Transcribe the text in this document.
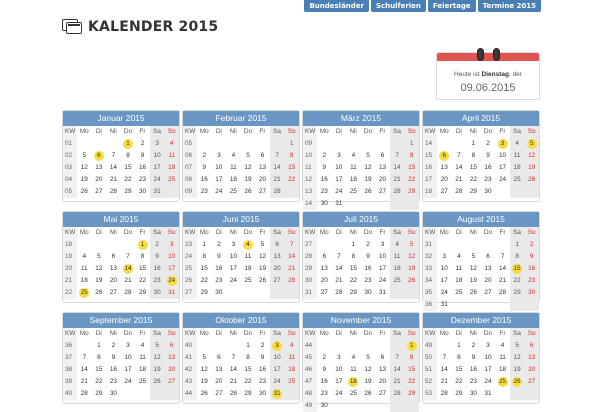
Bundesländer	Schulferien	Feiertage	Termine 2015
KALENDER 2015
Heute ist Dienstag, der
09.06.2015
Januar 2015
KW	Mo	Di	Mi	Do	Fr	Sa	So
01				1	2	3	4
02	5	6	7	8	9	10	11
03	12	13	14	15	16	17	18
04	19	20	21	22	23	24	25
05	26	27	28	29	30	31	
Februar 2015
KW	Mo	Di	Mi	Do	Fr	Sa	So
05							1
06	2	3	4	5	6	7	8
07	9	10	11	12	13	14	15
08	16	17	18	19	20	21	22
09	23	24	25	26	27	28	
März 2015
KW	Mo	Di	Mi	Do	Fr	Sa	So
09							1
10	2	3	4	5	6	7	8
11	9	10	11	12	13	14	15
12	16	17	18	19	20	21	22
13	23	24	25	26	27	28	29
14	30	31					
April 2015
KW	Mo	Di	Mi	Do	Fr	Sa	So
14			1	2	3	4	5
15	6	7	8	9	10	11	12
16	13	14	15	16	17	18	19
17	20	21	22	23	24	25	26
18	27	28	29	30			
Mai 2015
KW	Mo	Di	Mi	Do	Fr	Sa	So
18					1	2	3
19	4	5	6	7	8	9	10
20	11	12	13	14	15	16	17
21	18	19	20	21	22	23	24
22	25	26	27	28	29	30	31
Juni 2015
KW	Mo	Di	Mi	Do	Fr	Sa	So
23	1	2	3	4	5	6	7
24	8	9	10	11	12	13	14
25	15	16	17	18	19	20	21
26	22	23	24	25	26	27	28
27	29	30					
Juli 2015
KW	Mo	Di	Mi	Do	Fr	Sa	So
27			1	2	3	4	5
28	6	7	8	9	10	11	12
29	13	14	15	16	17	18	19
30	20	21	22	23	24	25	26
31	27	28	29	30	31		
August 2015
KW	Mo	Di	Mi	Do	Fr	Sa	So
31						1	2
32	3	4	5	6	7	8	9
33	10	11	12	13	14	15	16
34	17	18	19	20	21	22	23
35	24	25	26	27	28	29	30
36	31						
September 2015
KW	Mo	Di	Mi	Do	Fr	Sa	So
36		1	2	3	4	5	6
37	7	8	9	10	11	12	13
38	14	15	16	17	18	19	20
39	21	22	23	24	25	26	27
40	28	29	30				
Oktober 2015
KW	Mo	Di	Mi	Do	Fr	Sa	So
40				1	2	3	4
41	5	6	7	8	9	10	11
42	12	13	14	15	16	17	18
43	19	20	21	22	23	24	25
44	26	27	28	29	30	31	
November 2015
KW	Mo	Di	Mi	Do	Fr	Sa	So
44							1
45	2	3	4	5	6	7	8
46	9	10	11	12	13	14	15
47	16	17	18	19	20	21	22
48	23	24	25	26	27	28	29
49	30						
Dezember 2015
KW	Mo	Di	Mi	Do	Fr	Sa	So
49		1	2	3	4	5	6
50	7	8	9	10	11	12	13
51	14	15	16	17	18	19	20
52	21	22	23	24	25	26	27
53	28	29	30	31			
